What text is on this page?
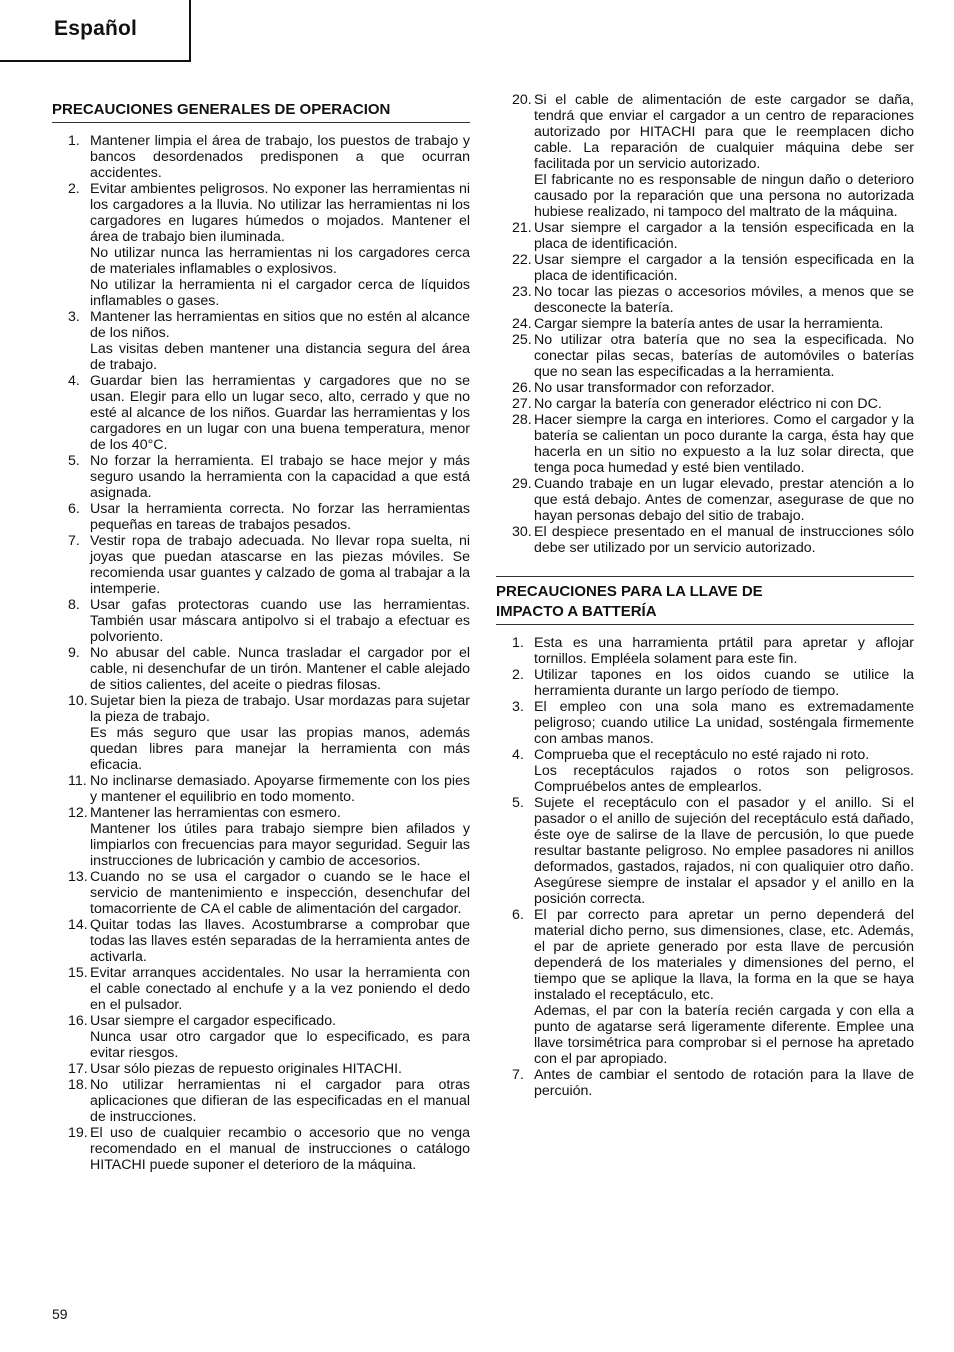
Español
PRECAUCIONES GENERALES DE OPERACION
1. Mantener limpia el área de trabajo, los puestos de trabajo y bancos desordenados predisponen a que ocurran accidentes.

2. Evitar ambientes peligrosos. No exponer las herramientas ni los cargadores a la lluvia. No utilizar las herramientas ni los cargadores en lugares húmedos o mojados. Mantener el área de trabajo bien iluminada.

No utilizar nunca las herramientas ni los cargadores cerca de materiales inflamables o explosivos.

No utilizar la herramienta ni el cargador cerca de líquidos inflamables o gases.

3. Mantener las herramientas en sitios que no estén al alcance de los niños.

Las visitas deben mantener una distancia segura del área de trabajo.

4. Guardar bien las herramientas y cargadores que no se usan. Elegir para ello un lugar seco, alto, cerrado y que no esté al alcance de los niños. Guardar las herramientas y los cargadores en un lugar con una buena temperatura, menor de los 40°C.

5. No forzar la herramienta. El trabajo se hace mejor y más seguro usando la herramienta con la capacidad a que está asignada.

6. Usar la herramienta correcta. No forzar las herramientas pequeñas en tareas de trabajos pesados.

7. Vestir ropa de trabajo adecuada. No llevar ropa suelta, ni joyas que puedan atascarse en las piezas móviles. Se recomienda usar guantes y calzado de goma al trabajar a la intemperie.

8. Usar gafas protectoras cuando use las herramientas. También usar máscara antipolvo si el trabajo a efectuar es polvoriento.

9. No abusar del cable. Nunca trasladar el cargador por el cable, ni desenchufar de un tirón. Mantener el cable alejado de sitios calientes, del aceite o piedras filosas.

10. Sujetar bien la pieza de trabajo. Usar mordazas para sujetar la pieza de trabajo.

Es más seguro que usar las propias manos, además quedan libres para manejar la herramienta con más eficacia.

11. No inclinarse demasiado. Apoyarse firmemente con los pies y mantener el equilibrio en todo momento.

12. Mantener las herramientas con esmero.

Mantener los útiles para trabajo siempre bien afilados y limpiarlos con frecuencias para mayor seguridad. Seguir las instrucciones de lubricación y cambio de accesorios.

13. Cuando no se usa el cargador o cuando se le hace el servicio de mantenimiento e inspección, desenchufar del tomacorriente de CA el cable de alimentación del cargador.

14. Quitar todas las llaves. Acostumbrarse a comprobar que todas las llaves estén separadas de la herramienta antes de activarla.

15. Evitar arranques accidentales. No usar la herramienta con el cable conectado al enchufe y a la vez poniendo el dedo en el pulsador.

16. Usar siempre el cargador especificado.

Nunca usar otro cargador que lo especificado, es para evitar riesgos.

17. Usar sólo piezas de repuesto originales HITACHI.

18. No utilizar herramientas ni el cargador para otras aplicaciones que difieran de las especificadas en el manual de instrucciones.

19. El uso de cualquier recambio o accesorio que no venga recomendado en el manual de instrucciones o catálogo HITACHI puede suponer el deterioro de la máquina.

20. Si el cable de alimentación de este cargador se daña, tendrá que enviar el cargador a un centro de reparaciones autorizado por HITACHI para que le reemplacen dicho cable. La reparación de cualquier máquina debe ser facilitada por un servicio autorizado.

El fabricante no es responsable de ningun daño o deterioro causado por la reparación que una persona no autorizada hubiese realizado, ni tampoco del maltrato de la máquina.

21. Usar siempre el cargador a la tensión especificada en la placa de identificación.

22. Usar siempre el cargador a la tensión especificada en la placa de identificación.

23. No tocar las piezas o accesorios móviles, a menos que se desconecte la batería.

24. Cargar siempre la batería antes de usar la herramienta.

25. No utilizar otra batería que no sea la especificada. No conectar pilas secas, baterías de automóviles o baterías que no sean las especificadas a la herramienta.

26. No usar transformador con reforzador.

27. No cargar la batería con generador eléctrico ni con DC.

28. Hacer siempre la carga en interiores. Como el cargador y la batería se calientan un poco durante la carga, ésta hay que hacerla en un sitio no expuesto a la luz solar directa, que tenga poca humedad y esté bien ventilado.

29. Cuando trabaje en un lugar elevado, prestar atención a lo que está debajo. Antes de comenzar, asegurase de que no hayan personas debajo del sitio de trabajo.

30. El despiece presentado en el manual de instrucciones sólo debe ser utilizado por un servicio autorizado.

PRECAUCIONES PARA LA LLAVE DE
IMPACTO A BATTERÍA
1. Esta es una harramienta prtátil para apretar y aflojar tornillos. Empléela solament para este fin.

2. Utilizar tapones en los oidos cuando se utilice la herramienta durante un largo período de tiempo.

3. El empleo con una sola mano es extremadamente peligroso; cuando utilice La unidad, sosténgala firmemente con ambas manos.

4. Comprueba que el receptáculo no esté rajado ni roto.

Los receptáculos rajados o rotos son peligrosos. Compruébelos antes de emplearlos.

5. Sujete el receptáculo con el pasador y el anillo. Si el pasador o el anillo de sujeción del receptáculo está dañado, éste oye de salirse de la llave de percusión, lo que puede resultar bastante peligroso. No emplee pasadores ni anillos deformados, gastados, rajados, ni con qualiquier otro daño. Asegúrese siempre de instalar el apsador y el anillo en la posición correcta.

6. El par correcto para apretar un perno dependerá del material dicho perno, sus dimensiones, clase, etc. Además, el par de apriete generado por esta llave de percusión dependerá de los materiales y dimensiones del perno, el tiempo que se aplique la llava, la forma en la que se haya instalado el receptáculo, etc.

Ademas, el par con la batería recién cargada y con ella a punto de agatarse será ligeramente diferente. Emplee una llave torsimétrica para comprobar si el pernose ha apretado con el par apropiado.

7. Antes de cambiar el sentodo de rotación para la llave de percuión.

59
